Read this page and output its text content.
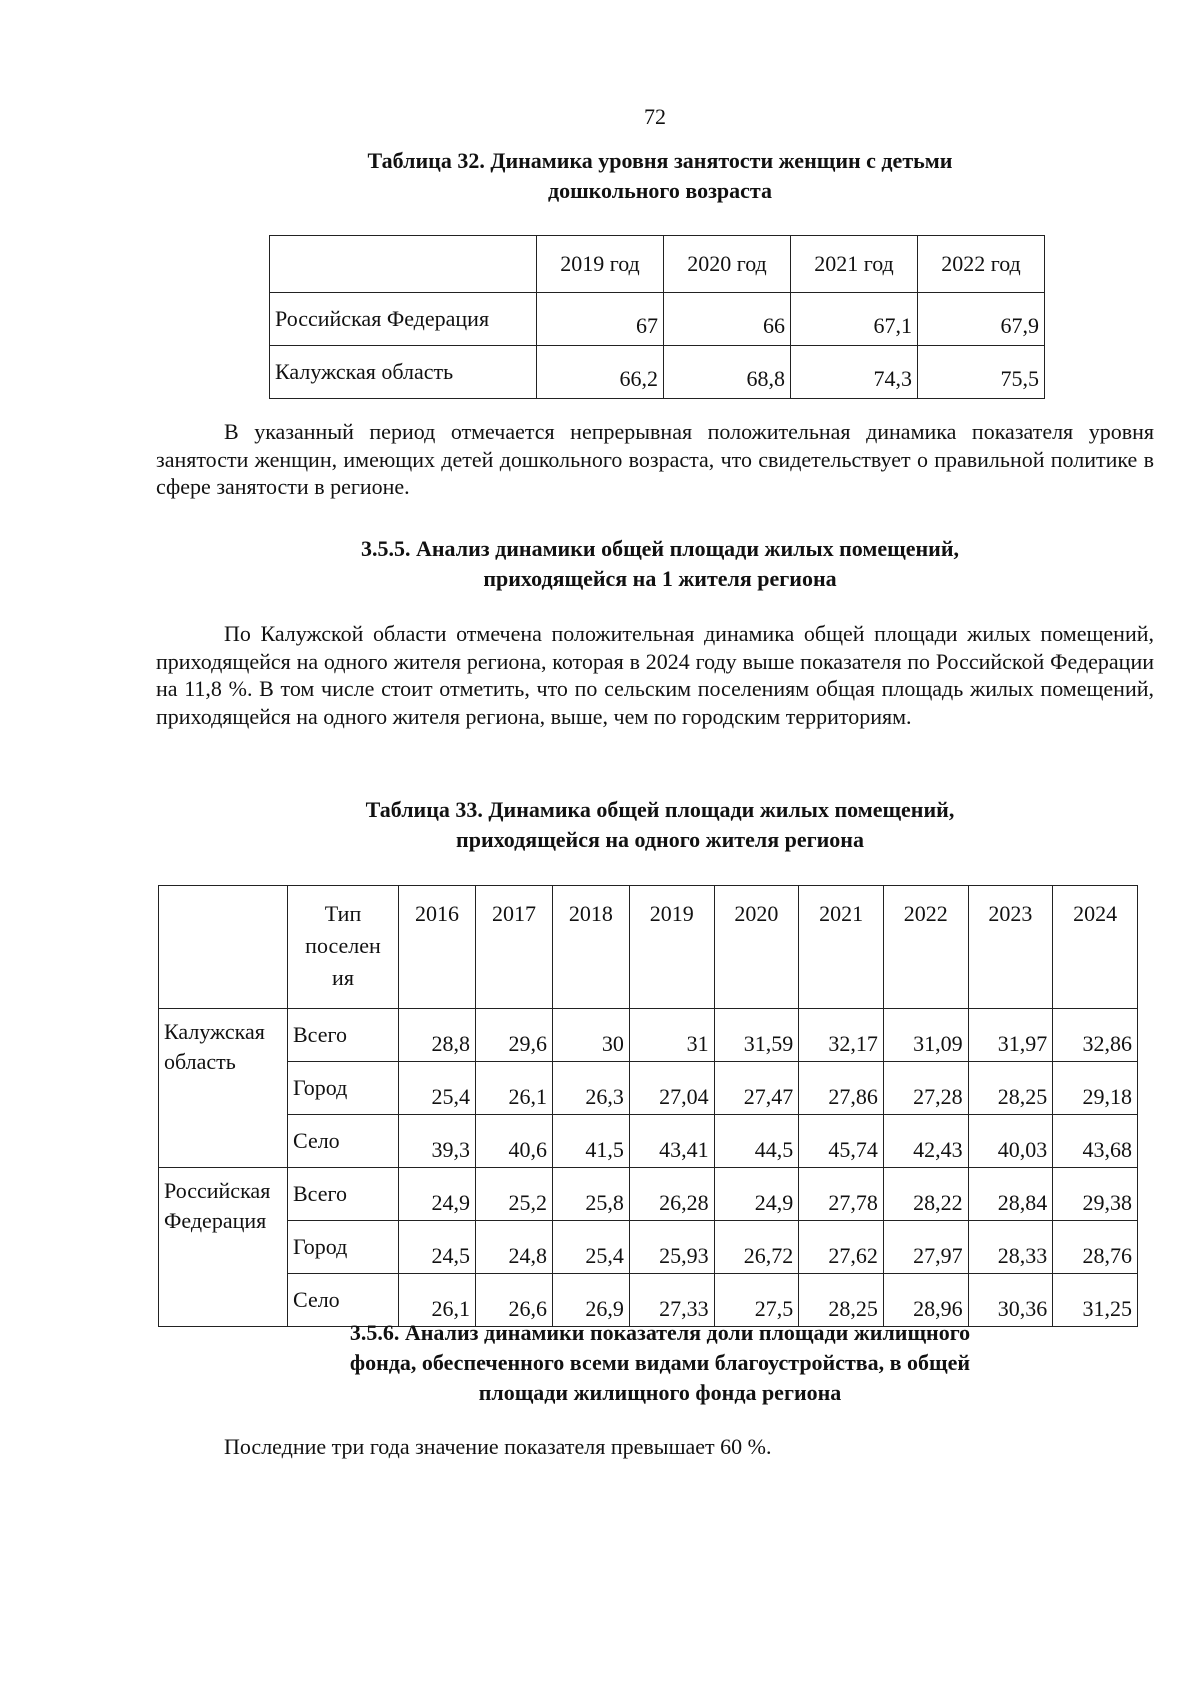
72
Таблица 32. Динамика уровня занятости женщин с детьми
дошкольного возраста
	2019 год	2020 год	2021 год	2022 год
Российская Федерация	67	66	67,1	67,9
Калужская область	66,2	68,8	74,3	75,5

В указанный период отмечается непрерывная положительная динамика показателя уровня занятости женщин, имеющих детей дошкольного возраста, что свидетельствует о правильной политике в сфере занятости в регионе.

3.5.5. Анализ динамики общей площади жилых помещений,
приходящейся на 1 жителя региона

По Калужской области отмечена положительная динамика общей площади жилых помещений, приходящейся на одного жителя региона, которая в 2024 году выше показателя по Российской Федерации на 11,8 %. В том числе стоит отметить, что по сельским поселениям общая площадь жилых помещений, приходящейся на одного жителя региона, выше, чем по городским территориям.

Таблица 33. Динамика общей площади жилых помещений,
приходящейся на одного жителя региона
	Тип поселен ия	2016	2017	2018	2019	2020	2021	2022	2023	2024
Калужская область	Всего	28,8	29,6	30	31	31,59	32,17	31,09	31,97	32,86
	Город	25,4	26,1	26,3	27,04	27,47	27,86	27,28	28,25	29,18
	Село	39,3	40,6	41,5	43,41	44,5	45,74	42,43	40,03	43,68
Российская Федерация	Всего	24,9	25,2	25,8	26,28	24,9	27,78	28,22	28,84	29,38
	Город	24,5	24,8	25,4	25,93	26,72	27,62	27,97	28,33	28,76
	Село	26,1	26,6	26,9	27,33	27,5	28,25	28,96	30,36	31,25
3.5.6. Анализ динамики показателя доли площади жилищного
фонда, обеспеченного всеми видами благоустройства, в общей
площади жилищного фонда региона

Последние три года значение показателя превышает 60 %.
